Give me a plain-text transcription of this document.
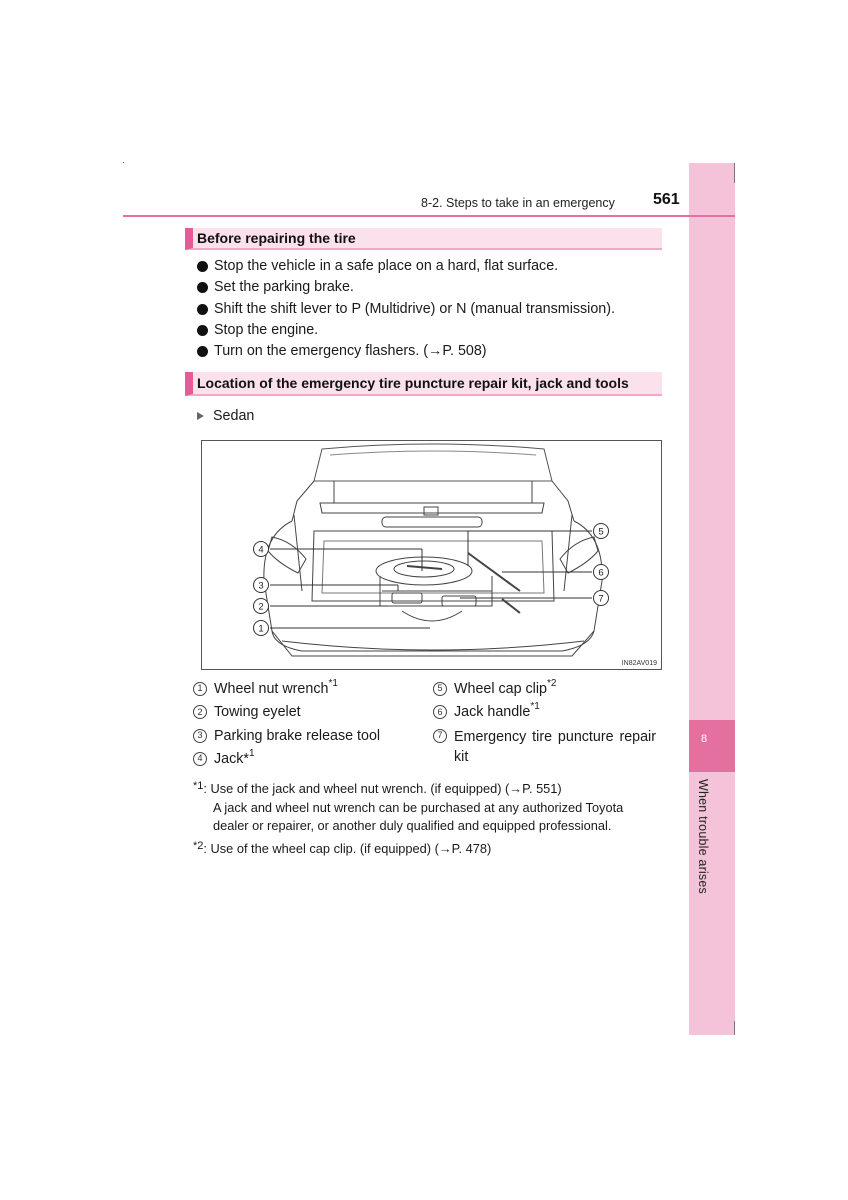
8
When trouble arises
8-2. Steps to take in an emergency 561
Before repairing the tire
Stop the vehicle in a safe place on a hard, flat surface.
Set the parking brake.
Shift the shift lever to P (Multidrive) or N (manual transmission).
Stop the engine.
Turn on the emergency flashers. (→P. 508)
Location of the emergency tire puncture repair kit, jack and tools
Sedan
4
3
2
1
5
6
7
IN82AV019
1 Wheel nut wrench *1
2 Towing eyelet
3 Parking brake release tool
4 Jack* 1
5 Wheel cap clip *2
6 Jack handle *1
7 Emergency tire puncture repair kit
*1 : Use of the jack and wheel nut wrench. (if equipped) (→P. 551)
A jack and wheel nut wrench can be purchased at any authorized Toyota
dealer or repairer, or another duly qualified and equipped professional.
*2 : Use of the wheel cap clip. (if equipped) (→P. 478)
